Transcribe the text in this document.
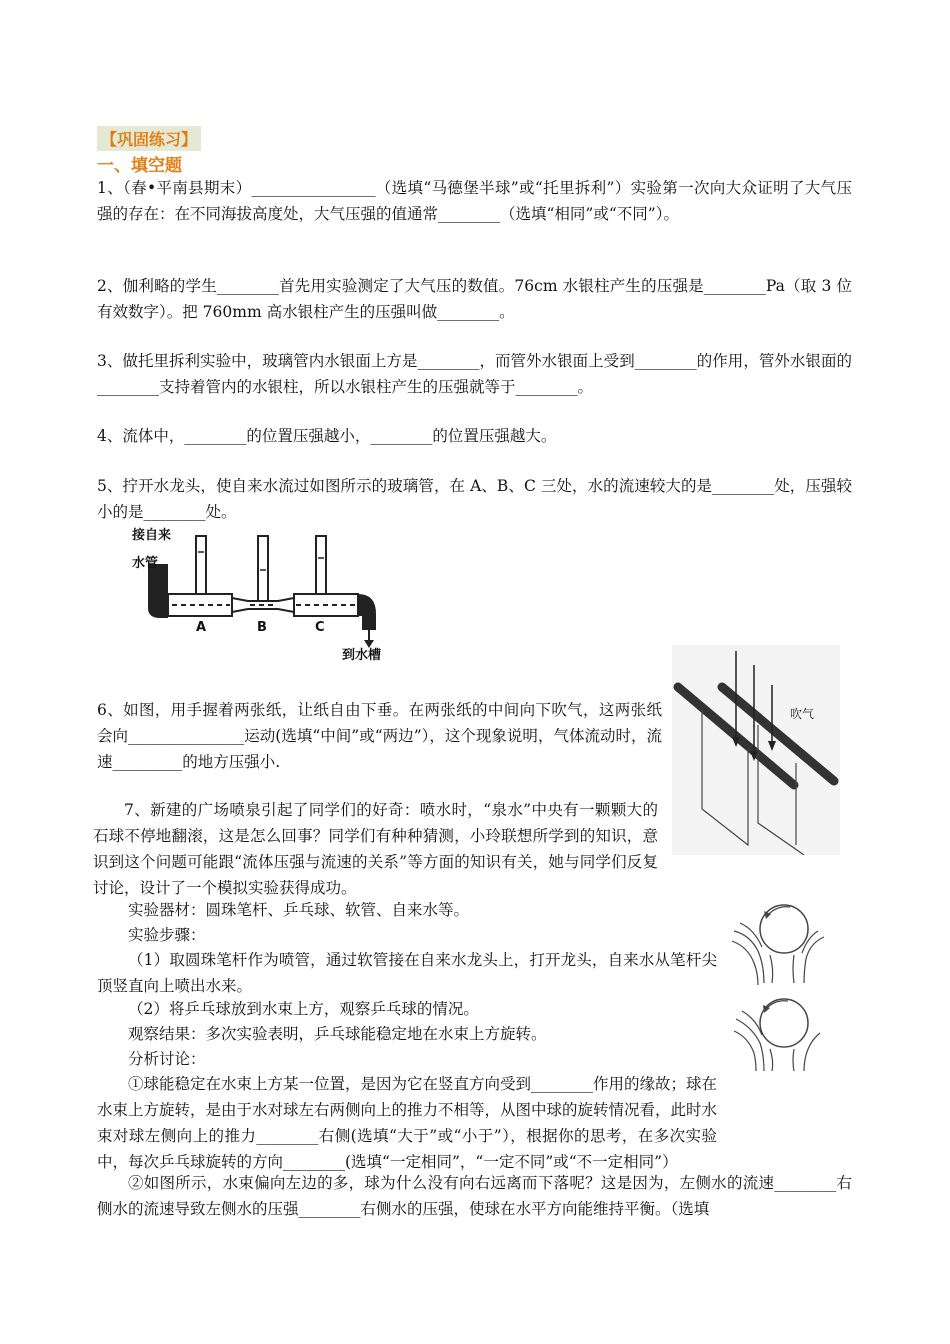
【巩固练习】
一、填空题
1、（春•平南县期末）________________（选填“马德堡半球”或“托里拆利”）实验第一次向大众证明了大气压强的存在：在不同海拔高度处，大气压强的值通常________（选填“相同”或“不同”）。
2、伽利略的学生________首先用实验测定了大气压的数值。76cm 水银柱产生的压强是________Pa（取 3 位有效数字）。把 760mm 高水银柱产生的压强叫做________。
3、做托里拆利实验中，玻璃管内水银面上方是________，而管外水银面上受到________的作用，管外水银面的________支持着管内的水银柱，所以水银柱产生的压强就等于________。
4、流体中，________的位置压强越小，________的位置压强越大。
5、拧开水龙头，使自来水流过如图所示的玻璃管，在 A、B、C 三处，水的流速较大的是________处，压强较小的是________处。
接自来
水管
A	B	C
到水槽
吹气
6、如图，用手握着两张纸，让纸自由下垂。在两张纸的中间向下吹气，这两张纸会向_______________运动(选填“中间”或“两边”），这个现象说明，气体流动时，流速_________的地方压强小.
7、新建的广场喷泉引起了同学们的好奇：喷水时，“泉水”中央有一颗颗大的石球不停地翻滚，这是怎么回事？同学们有种种猜测，小玲联想所学到的知识，意识到这个问题可能跟“流体压强与流速的关系”等方面的知识有关，她与同学们反复讨论，设计了一个模拟实验获得成功。
实验器材：圆珠笔杆、乒乓球、软管、自来水等。
实验步骤：
（1）取圆珠笔杆作为喷管，通过软管接在自来水龙头上，打开龙头，自来水从笔杆尖顶竖直向上喷出水来。
（2）将乒乓球放到水束上方，观察乒乓球的情况。
观察结果：多次实验表明，乒乓球能稳定地在水束上方旋转。
分析讨论：
①球能稳定在水束上方某一位置，是因为它在竖直方向受到________作用的缘故；球在水束上方旋转，是由于水对球左右两侧向上的推力不相等，从图中球的旋转情况看，此时水束对球左侧向上的推力________右侧(选填“大于”或“小于”），根据你的思考，在多次实验中，每次乒乓球旋转的方向________(选填“一定相同”，“一定不同”或“不一定相同”）
②如图所示，水束偏向左边的多，球为什么没有向右远离而下落呢？这是因为，左侧水的流速________右侧水的流速导致左侧水的压强________右侧水的压强，使球在水平方向能维持平衡。（选填
